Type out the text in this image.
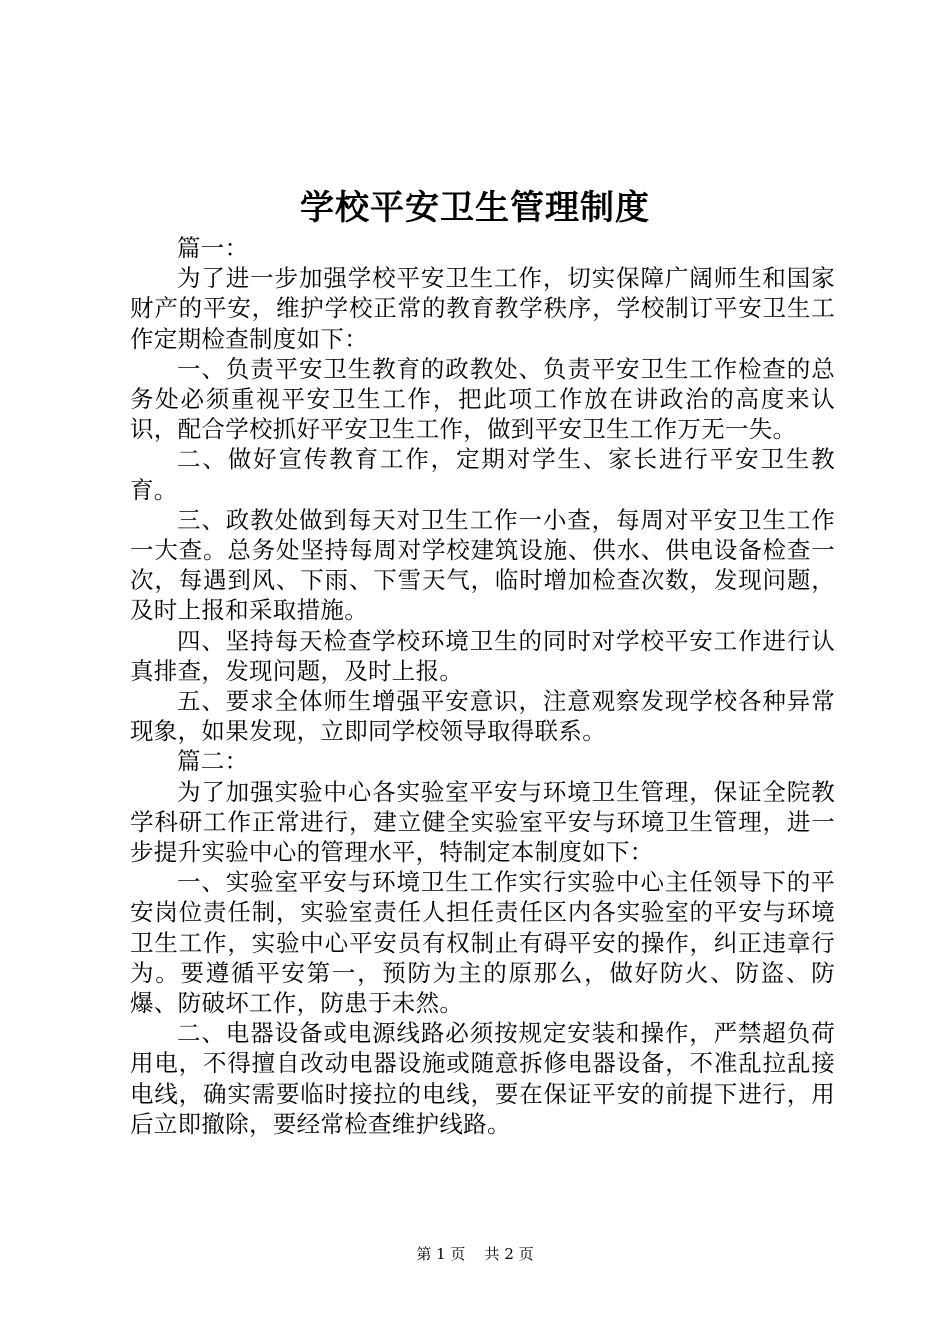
学校平安卫生管理制度

篇一：

为了进一步加强学校平安卫生工作，切实保障广阔师生和国家财产的平安，维护学校正常的教育教学秩序，学校制订平安卫生工作定期检查制度如下：

一、负责平安卫生教育的政教处、负责平安卫生工作检查的总务处必须重视平安卫生工作，把此项工作放在讲政治的高度来认识，配合学校抓好平安卫生工作，做到平安卫生工作万无一失。

二、做好宣传教育工作，定期对学生、家长进行平安卫生教育。

三、政教处做到每天对卫生工作一小查，每周对平安卫生工作一大查。总务处坚持每周对学校建筑设施、供水、供电设备检查一次，每遇到风、下雨、下雪天气，临时增加检查次数，发现问题，及时上报和采取措施。

四、坚持每天检查学校环境卫生的同时对学校平安工作进行认真排查，发现问题，及时上报。

五、要求全体师生增强平安意识，注意观察发现学校各种异常现象，如果发现，立即同学校领导取得联系。

篇二：

为了加强实验中心各实验室平安与环境卫生管理，保证全院教学科研工作正常进行，建立健全实验室平安与环境卫生管理，进一步提升实验中心的管理水平，特制定本制度如下：

一、实验室平安与环境卫生工作实行实验中心主任领导下的平安岗位责任制，实验室责任人担任责任区内各实验室的平安与环境卫生工作，实验中心平安员有权制止有碍平安的操作，纠正违章行为。要遵循平安第一，预防为主的原那么，做好防火、防盗、防爆、防破坏工作，防患于未然。

二、电器设备或电源线路必须按规定安装和操作，严禁超负荷用电，不得擅自改动电器设施或随意拆修电器设备，不准乱拉乱接电线，确实需要临时接拉的电线，要在保证平安的前提下进行，用后立即撤除，要经常检查维护线路。

第 1 页 共 2 页
